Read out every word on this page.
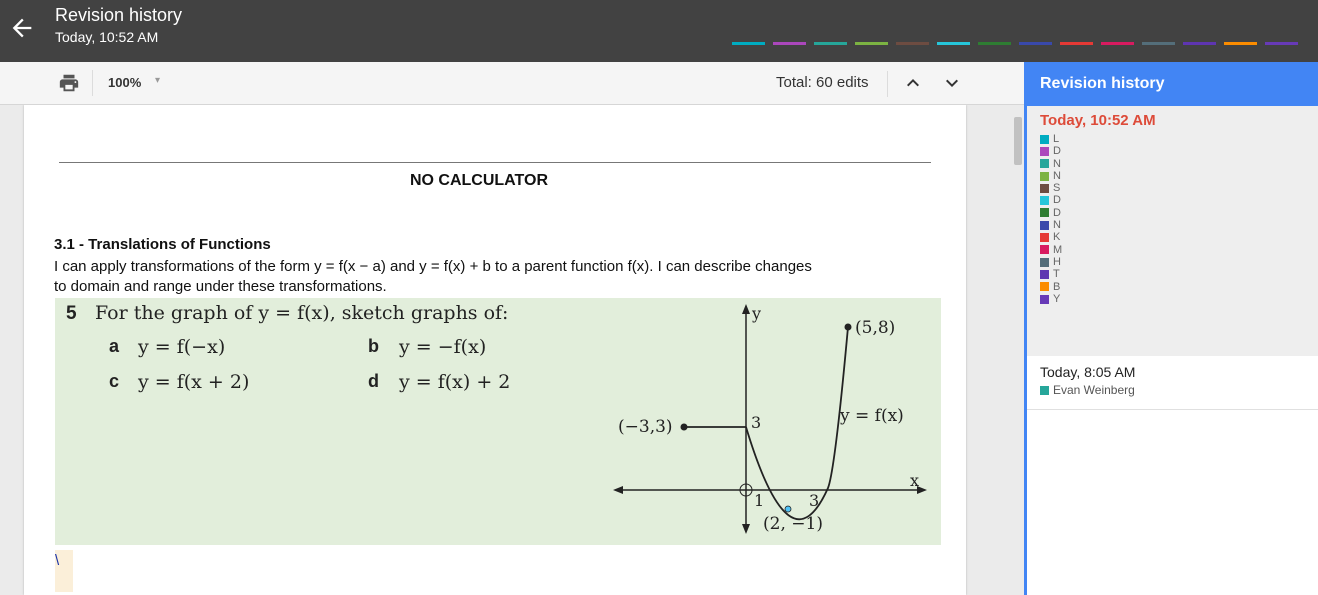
Revision history
Today, 10:52 AM
100% ▾	Total: 60 edits
NO CALCULATOR
3.1 - Translations of Functions
I can apply transformations of the form y = f(x − a) and y = f(x) + b to a parent function f(x). I can describe changes to domain and range under these transformations.
5 For the graph of y = f(x), sketch graphs of:
a y = f(−x)	b y = −f(x)
c y = f(x + 2)	d y = f(x) + 2
y
x
(5,8)
(−3,3)	3	y = f(x)
1	3
(2, −1)
\
Revision history
Today, 10:52 AM
L
D
N
N
S
D
D
N
K
M
H
T
B
Y
Today, 8:05 AM
Evan Weinberg
